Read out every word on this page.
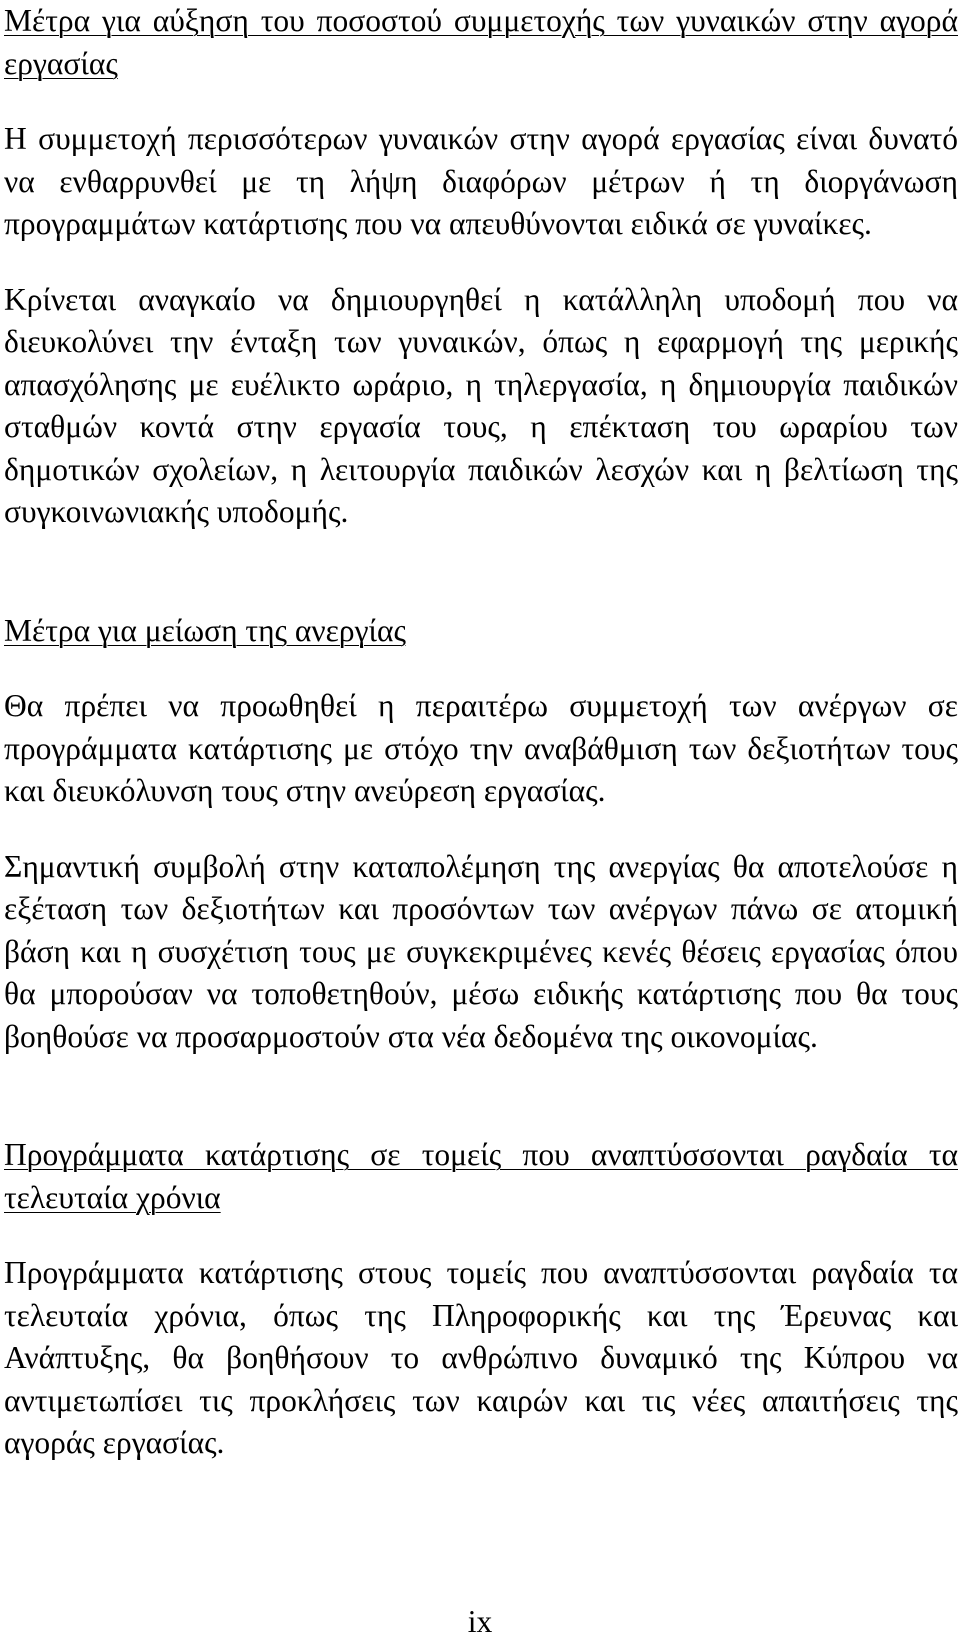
Μέτρα για αύξηση του ποσοστού συμμετοχής των γυναικών στην αγορά εργασίας

Η συμμετοχή περισσότερων γυναικών στην αγορά εργασίας είναι δυνατό να ενθαρρυνθεί με τη λήψη διαφόρων μέτρων ή τη διοργάνωση προγραμμάτων κατάρτισης που να απευθύνονται ειδικά σε γυναίκες.

Κρίνεται αναγκαίο να δημιουργηθεί η κατάλληλη υποδομή που να διευκολύνει την ένταξη των γυναικών, όπως η εφαρμογή της μερικής απασχόλησης με ευέλικτο ωράριο, η τηλεργασία, η δημιουργία παιδικών σταθμών κοντά στην εργασία τους, η επέκταση του ωραρίου των δημοτικών σχολείων, η λειτουργία παιδικών λεσχών και η βελτίωση της συγκοινωνιακής υποδομής.

Μέτρα για μείωση της ανεργίας

Θα πρέπει να προωθηθεί η περαιτέρω συμμετοχή των ανέργων σε προγράμματα κατάρτισης με στόχο την αναβάθμιση των δεξιοτήτων τους και διευκόλυνση τους στην ανεύρεση εργασίας.

Σημαντική συμβολή στην καταπολέμηση της ανεργίας θα αποτελούσε η εξέταση των δεξιοτήτων και προσόντων των ανέργων πάνω σε ατομική βάση και η συσχέτιση τους με συγκεκριμένες κενές θέσεις εργασίας όπου θα μπορούσαν να τοποθετηθούν, μέσω ειδικής κατάρτισης που θα τους βοηθούσε να προσαρμοστούν στα νέα δεδομένα της οικονομίας.

Προγράμματα κατάρτισης σε τομείς που αναπτύσσονται ραγδαία τα τελευταία χρόνια

Προγράμματα κατάρτισης στους τομείς που αναπτύσσονται ραγδαία τα τελευταία χρόνια, όπως της Πληροφορικής και της Έρευνας και Ανάπτυξης, θα βοηθήσουν το ανθρώπινο δυναμικό της Κύπρου να αντιμετωπίσει τις προκλήσεις των καιρών και τις νέες απαιτήσεις της αγοράς εργασίας.

ix
